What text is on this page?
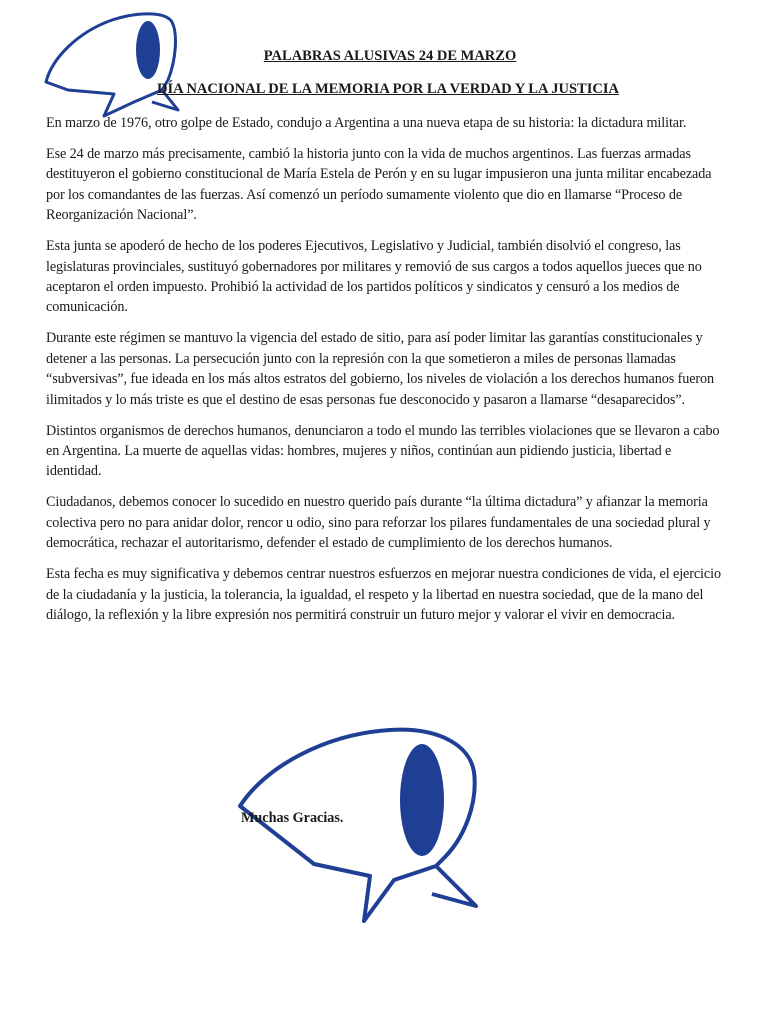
PALABRAS ALUSIVAS 24 DE MARZO
DÍA NACIONAL DE LA MEMORIA POR LA VERDAD Y LA JUSTICIA

En marzo de 1976, otro golpe de Estado, condujo a Argentina a una nueva etapa de su historia: la dictadura militar.

Ese 24 de marzo más precisamente, cambió la historia junto con la vida de muchos argentinos. Las fuerzas armadas destituyeron el gobierno constitucional de María Estela de Perón y en su lugar impusieron una junta militar encabezada por los comandantes de las fuerzas. Así comenzó un período sumamente violento que dio en llamarse “Proceso de Reorganización Nacional”.

Esta junta se apoderó de hecho de los poderes Ejecutivos, Legislativo y Judicial, también disolvió el congreso, las legislaturas provinciales, sustituyó gobernadores por militares y removió de sus cargos a todos aquellos jueces que no aceptaron el orden impuesto. Prohibió la actividad de los partidos políticos y sindicatos y censuró a los medios de comunicación.

Durante este régimen se mantuvo la vigencia del estado de sitio, para así poder limitar las garantías constitucionales y detener a las personas. La persecución junto con la represión con la que sometieron a miles de personas llamadas “subversivas”, fue ideada en los más altos estratos del gobierno, los niveles de violación a los derechos humanos fueron ilimitados y lo más triste es que el destino de esas personas fue desconocido y pasaron a llamarse “desaparecidos”.

Distintos organismos de derechos humanos, denunciaron a todo el mundo las terribles violaciones que se llevaron a cabo en Argentina. La muerte de aquellas vidas: hombres, mujeres y niños, continúan aun pidiendo justicia, libertad e identidad.

Ciudadanos, debemos conocer lo sucedido en nuestro querido país durante “la última dictadura” y afianzar la memoria colectiva pero no para anidar dolor, rencor u odio, sino para reforzar los pilares fundamentales de una sociedad plural y democrática, rechazar el autoritarismo, defender el estado de cumplimiento de los derechos humanos.

Esta fecha es muy significativa y debemos centrar nuestros esfuerzos en mejorar nuestra condiciones de vida, el ejercicio de la ciudadanía y la justicia, la tolerancia, la igualdad, el respeto y la libertad en nuestra sociedad, que de la mano del diálogo, la reflexión y la libre expresión nos permitirá construir un futuro mejor y valorar el vivir en democracia.

Muchas Gracias.
